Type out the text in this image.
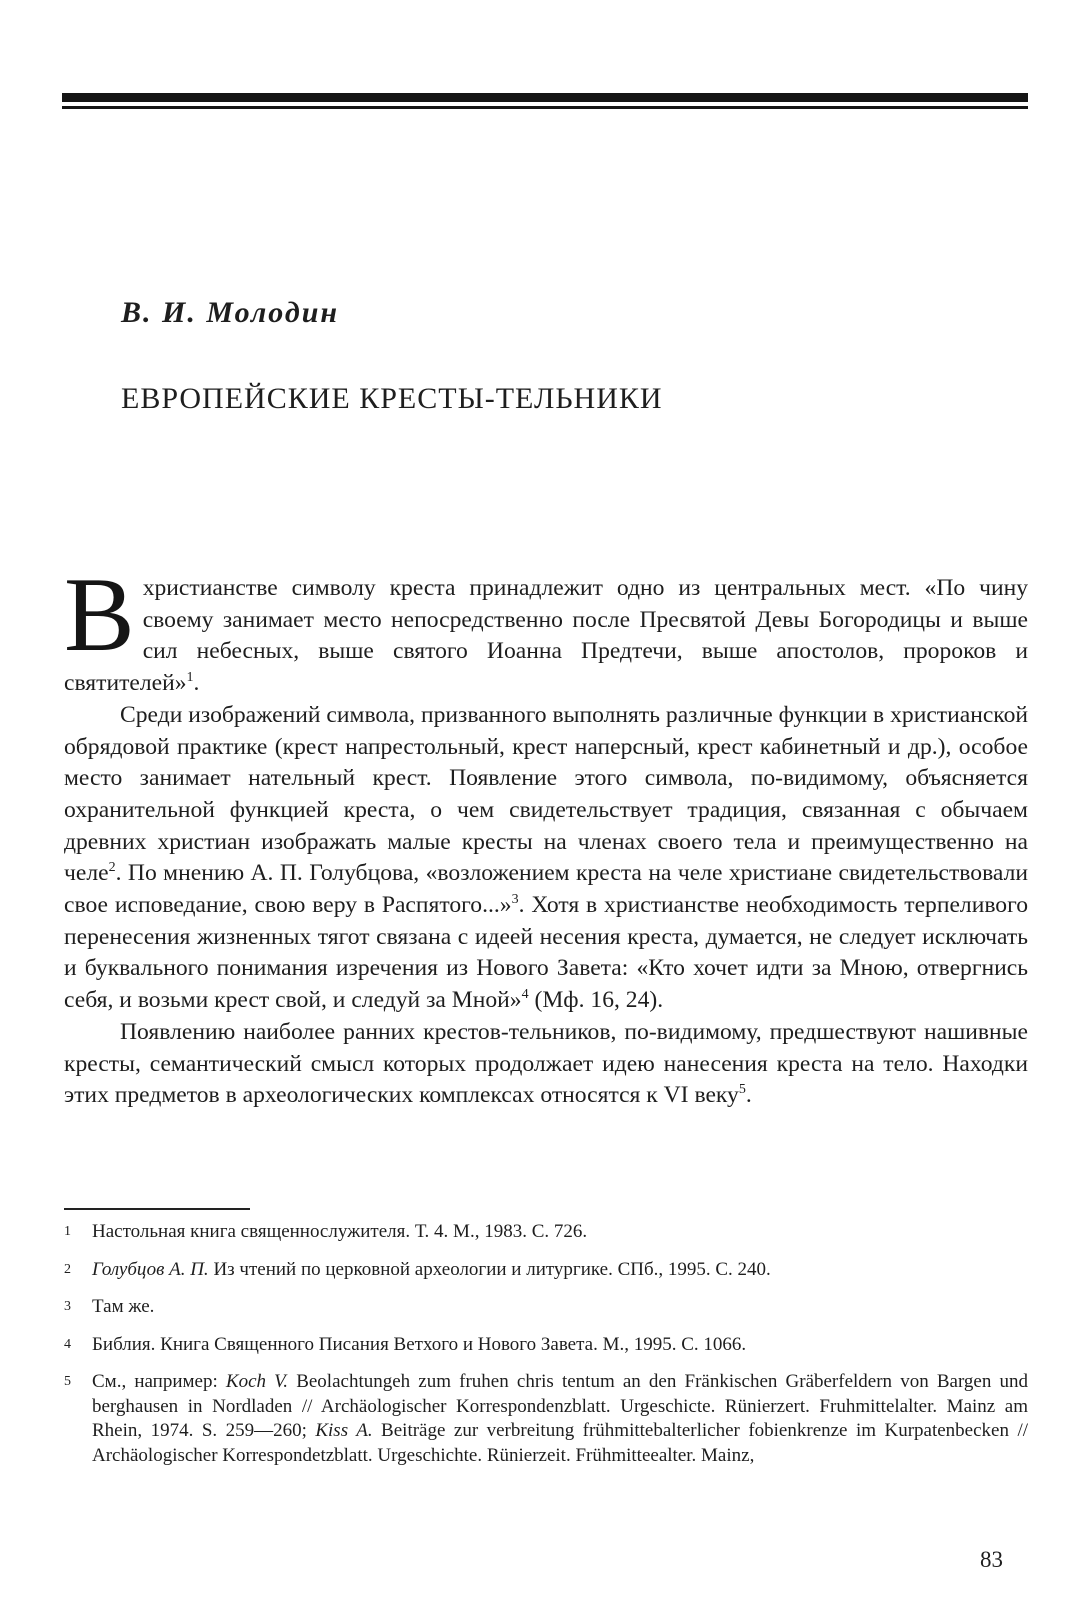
В. И. Молодин
ЕВРОПЕЙСКИЕ КРЕСТЫ-ТЕЛЬНИКИ

Вхристианстве символу креста принадлежит одно из центральных мест. «По чину своему занимает место непосредственно после Пресвятой Девы Богородицы и выше сил небесных, выше святого Иоанна Предтечи, выше апостолов, пророков и святителей»$^1$.

Среди изображений символа, призванного выполнять различные функции в христианской обрядовой практике (крест напрестольный, крест наперсный, крест кабинетный и др.), особое место занимает нательный крест. Появление этого символа, по-видимому, объясняется охранительной функцией креста, о чем свидетельствует традиция, связанная с обычаем древних христиан изображать малые кресты на членах своего тела и преимущественно на челе$^2$. По мнению А. П. Голубцова, «возложением креста на челе христиане свидетельствовали свое исповедание, свою веру в Распятого...»$^3$. Хотя в христианстве необходимость терпеливого перенесения жизненных тягот связана с идеей несения креста, думается, не следует исключать и буквального понимания изречения из Нового Завета: «Кто хочет идти за Мною, отвергнись себя, и возьми крест свой, и следуй за Мной»$^4$ (Мф. 16, 24).

Появлению наиболее ранних крестов-тельников, по-видимому, предшествуют нашивные кресты, семантический смысл которых продолжает идею нанесения креста на тело. Находки этих предметов в археологических комплексах относятся к VI веку$^5$.

1	Настольная книга священнослужителя. Т. 4. М., 1983. С. 726.
2	Голубцов А. П. Из чтений по церковной археологии и литургике. СПб., 1995. С. 240.
3	Там же.
4	Библия. Книга Священного Писания Ветхого и Нового Завета. М., 1995. С. 1066.
5	См., например: Koch V. Beolachtungeh zum fruhen chris tentum an den Fränkischen Gräberfeldern von Bargen und berghausen in Nordladen // Archäologischer Korrespondenzblatt. Urgeschicte. Rünierzert. Fruhmittelalter. Mainz am Rhein, 1974. S. 259—260; Kiss A. Beiträge zur verbreitung frühmittebalterlicher fobienkrenze im Kurpatenbecken // Archäologischer Korrespondetzblatt. Urgeschichte. Rünierzeit. Frühmitteealter. Mainz,
83
